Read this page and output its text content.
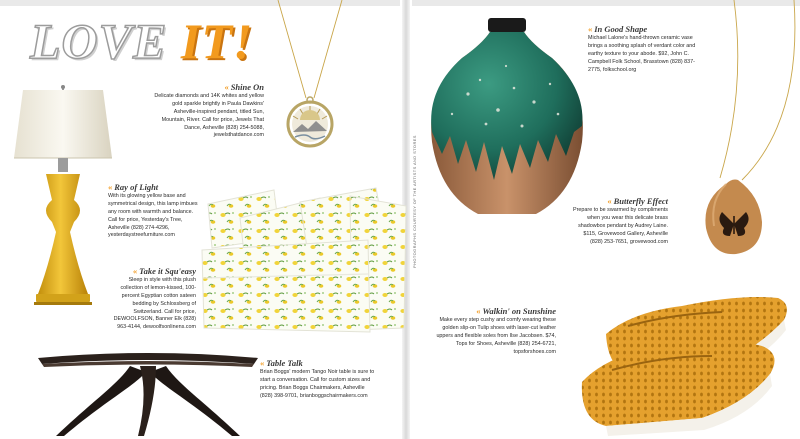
LOVE IT!
« Shine On
Delicate diamonds and 14K whites and yellow gold sparkle brightly in Paula Dawkins' Asheville-inspired pendant, titled Sun, Mountain, River. Call for price, Jewels That Dance, Asheville (828) 254-5088, jewelsthatdance.com
« Ray of Light
With its glowing yellow base and symmetrical design, this lamp imbues any room with warmth and balance. Call for price, Yesterday's Tree, Asheville (828) 274-4296, yesterdaystreefurniture.com
« Take it Squ'easy
Sleep in style with this plush collection of lemon-kissed, 100-percent Egyptian cotton sateen bedding by Schlossberg of Switzerland. Call for price, DEWOOLFSON, Banner Elk (828) 963-4144, dewoolfsonlinens.com
« Table Talk
Brian Boggs' modern Tango Noir table is sure to start a conversation. Call for custom sizes and pricing. Brian Boggs Chairmakers, Asheville (828) 398-9701, brianboggschairmakers.com
« In Good Shape
Michael Lalone's hand-thrown ceramic vase brings a soothing splash of verdant color and earthy texture to your abode. $92, John C. Campbell Folk School, Brasstown (828) 837-2775, folkschool.org
« Butterfly Effect
Prepare to be swarmed by compliments when you wear this delicate brass shadowbox pendant by Audrey Laine. $115, Grovewood Gallery, Asheville (828) 253-7651, grovewood.com
« Walkin' on Sunshine
Make every step cushy and comfy wearing these golden slip-on Tulip shoes with laser-cut leather uppers and flexible soles from Ilse Jacobsen. $74, Tops for Shoes, Asheville (828) 254-6721, topsforshoes.com
PHOTOGRAPHS COURTESY OF THE ARTISTS AND STORES
